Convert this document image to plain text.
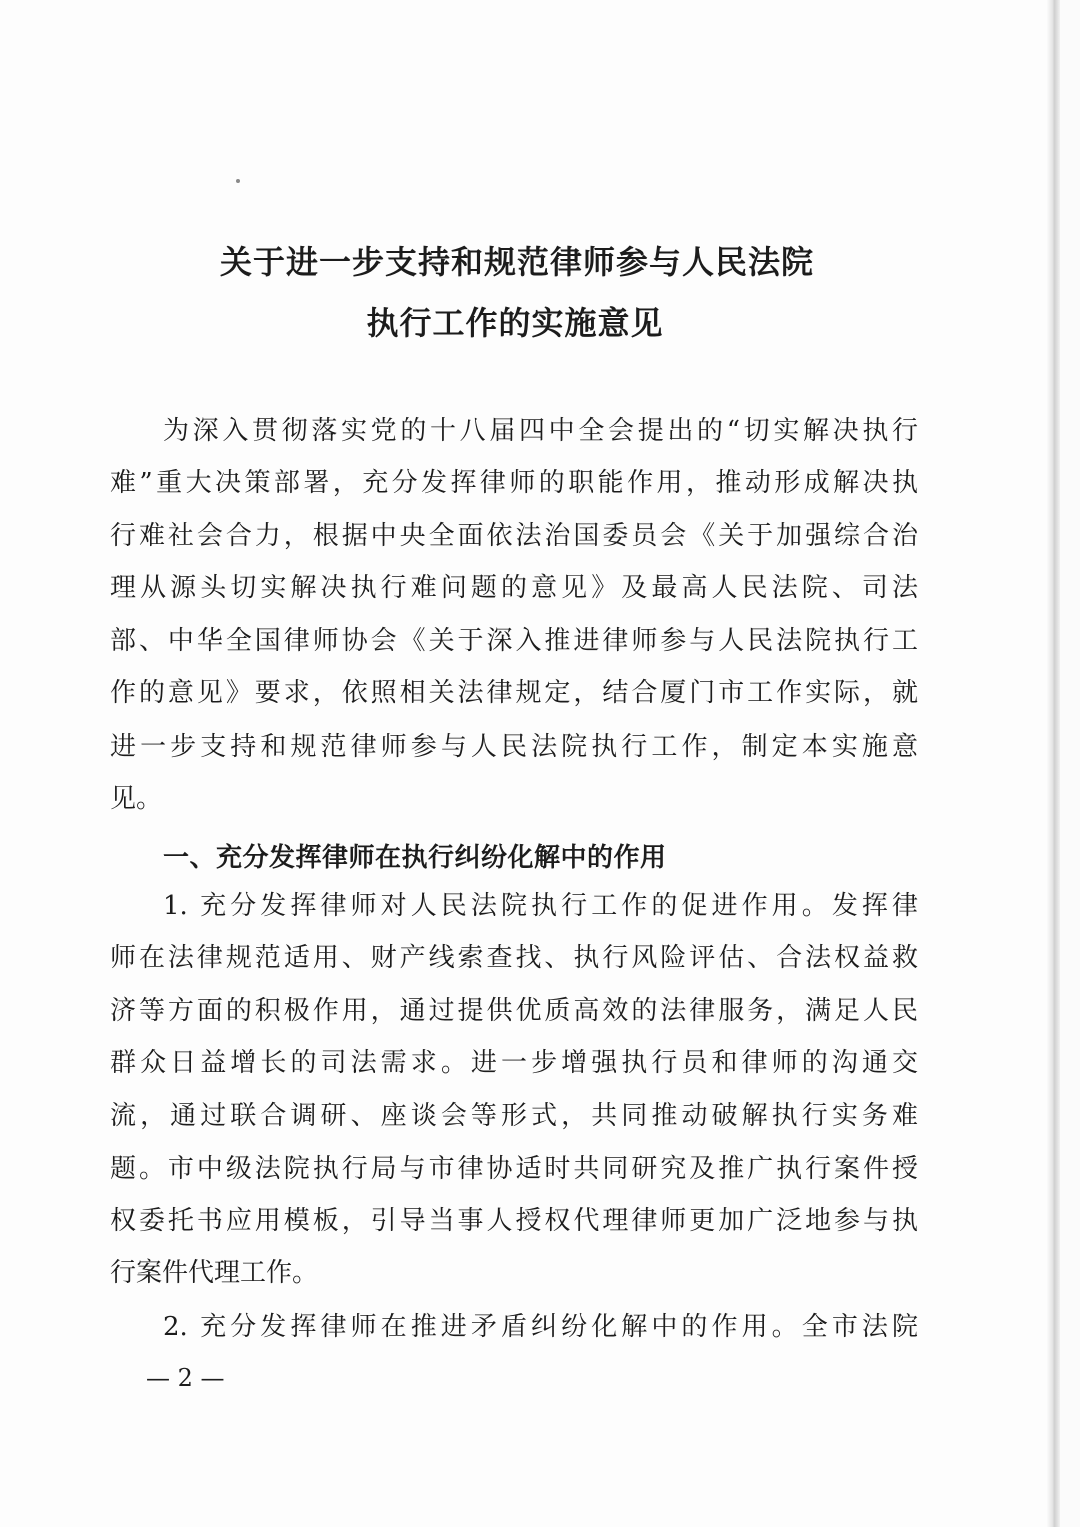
关于进一步支持和规范律师参与人民法院
执行工作的实施意见
为深入贯彻落实党的十八届四中全会提出的“切实解决执行
难”重大决策部署，充分发挥律师的职能作用，推动形成解决执
行难社会合力，根据中央全面依法治国委员会《关于加强综合治
理从源头切实解决执行难问题的意见》及最高人民法院、司法
部、中华全国律师协会《关于深入推进律师参与人民法院执行工
作的意见》要求，依照相关法律规定，结合厦门市工作实际，就
进一步支持和规范律师参与人民法院执行工作，制定本实施意
见。
一、充分发挥律师在执行纠纷化解中的作用
1. 充分发挥律师对人民法院执行工作的促进作用。发挥律
师在法律规范适用、财产线索查找、执行风险评估、合法权益救
济等方面的积极作用，通过提供优质高效的法律服务，满足人民
群众日益增长的司法需求。进一步增强执行员和律师的沟通交
流，通过联合调研、座谈会等形式，共同推动破解执行实务难
题。市中级法院执行局与市律协适时共同研究及推广执行案件授
权委托书应用模板，引导当事人授权代理律师更加广泛地参与执
行案件代理工作。
2. 充分发挥律师在推进矛盾纠纷化解中的作用。全市法院
— 2 —
